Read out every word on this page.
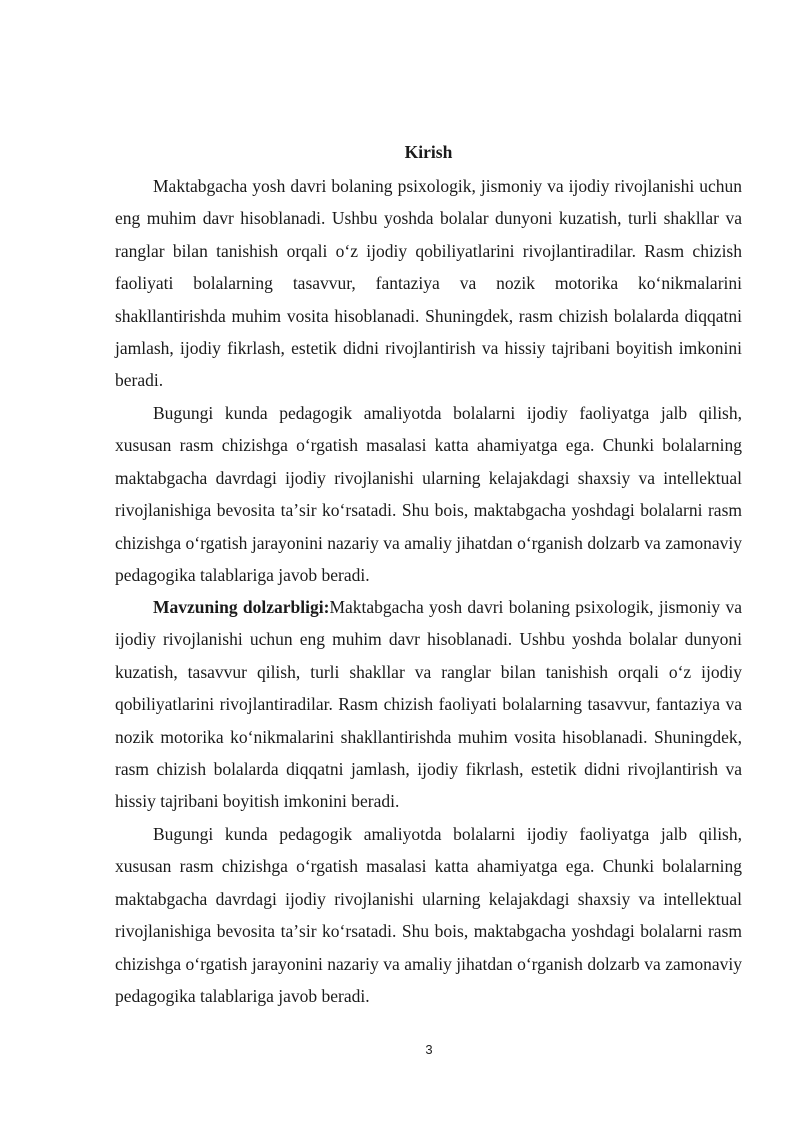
Kirish

Maktabgacha yosh davri bolaning psixologik, jismoniy va ijodiy rivojlanishi uchun eng muhim davr hisoblanadi. Ushbu yoshda bolalar dunyoni kuzatish, turli shakllar va ranglar bilan tanishish orqali oʻz ijodiy qobiliyatlarini rivojlantiradilar. Rasm chizish faoliyati bolalarning tasavvur, fantaziya va nozik motorika koʻnikmalarini shakllantirishda muhim vosita hisoblanadi. Shuningdek, rasm chizish bolalarda diqqatni jamlash, ijodiy fikrlash, estetik didni rivojlantirish va hissiy tajribani boyitish imkonini beradi.

Bugungi kunda pedagogik amaliyotda bolalarni ijodiy faoliyatga jalb qilish, xususan rasm chizishga oʻrgatish masalasi katta ahamiyatga ega. Chunki bolalarning maktabgacha davrdagi ijodiy rivojlanishi ularning kelajakdagi shaxsiy va intellektual rivojlanishiga bevosita taʼsir koʻrsatadi. Shu bois, maktabgacha yoshdagi bolalarni rasm chizishga oʻrgatish jarayonini nazariy va amaliy jihatdan oʻrganish dolzarb va zamonaviy pedagogika talablariga javob beradi.

Mavzuning dolzarbligi:Maktabgacha yosh davri bolaning psixologik, jismoniy va ijodiy rivojlanishi uchun eng muhim davr hisoblanadi. Ushbu yoshda bolalar dunyoni kuzatish, tasavvur qilish, turli shakllar va ranglar bilan tanishish orqali oʻz ijodiy qobiliyatlarini rivojlantiradilar. Rasm chizish faoliyati bolalarning tasavvur, fantaziya va nozik motorika koʻnikmalarini shakllantirishda muhim vosita hisoblanadi. Shuningdek, rasm chizish bolalarda diqqatni jamlash, ijodiy fikrlash, estetik didni rivojlantirish va hissiy tajribani boyitish imkonini beradi.

Bugungi kunda pedagogik amaliyotda bolalarni ijodiy faoliyatga jalb qilish, xususan rasm chizishga oʻrgatish masalasi katta ahamiyatga ega. Chunki bolalarning maktabgacha davrdagi ijodiy rivojlanishi ularning kelajakdagi shaxsiy va intellektual rivojlanishiga bevosita taʼsir koʻrsatadi. Shu bois, maktabgacha yoshdagi bolalarni rasm chizishga oʻrgatish jarayonini nazariy va amaliy jihatdan oʻrganish dolzarb va zamonaviy pedagogika talablariga javob beradi.

3
